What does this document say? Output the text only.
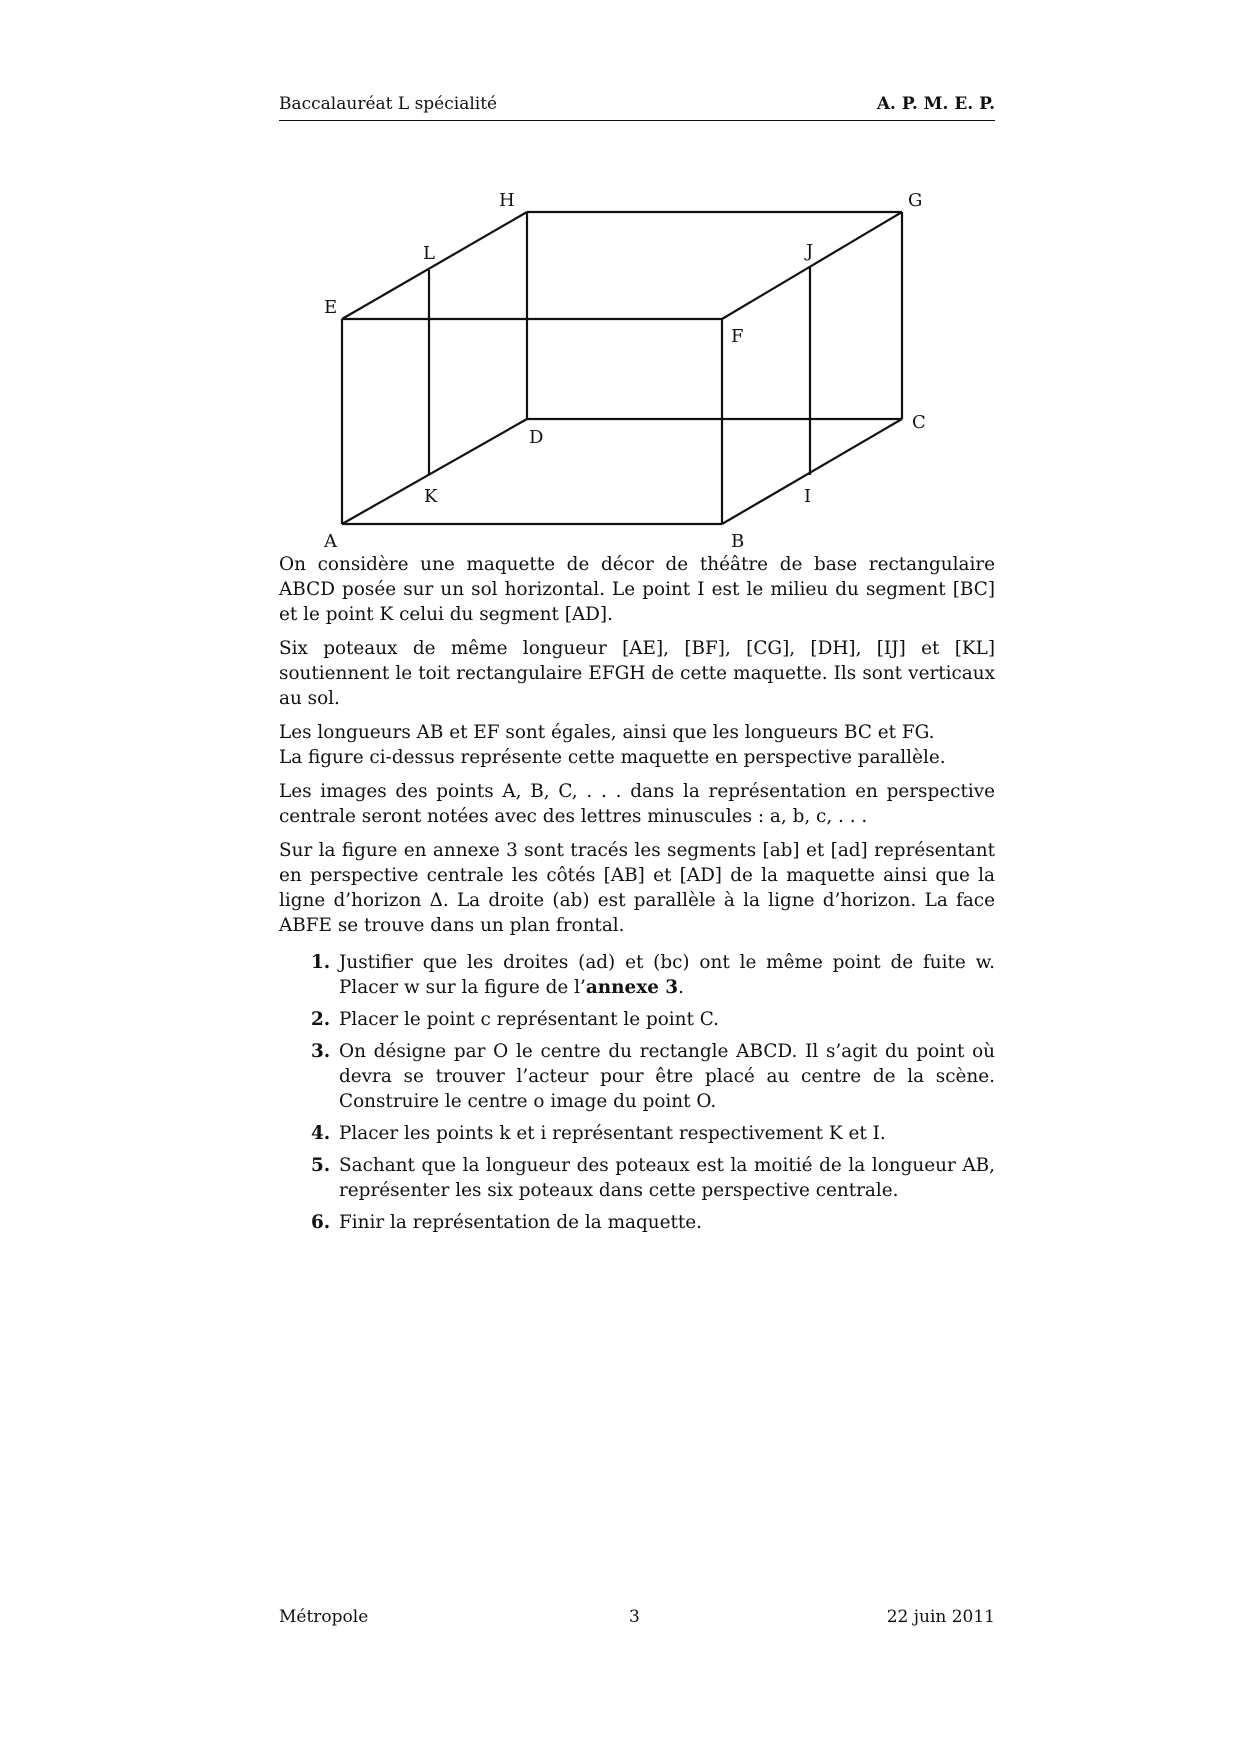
Baccalauréat L spécialité	A. P. M. E. P.
H	G
L	J
E
F
D
C
K	I
A	B

On considère une maquette de décor de théâtre de base rectangulaire ABCD posée sur un sol horizontal. Le point I est le milieu du segment [BC] et le point K celui du segment [AD].

Six poteaux de même longueur [AE], [BF], [CG], [DH], [IJ] et [KL] soutiennent le toit rectangulaire EFGH de cette maquette. Ils sont verticaux au sol.

Les longueurs AB et EF sont égales, ainsi que les longueurs BC et FG.

La figure ci-dessus représente cette maquette en perspective parallèle.

Les images des points A, B, C, . . . dans la représentation en perspective centrale seront notées avec des lettres minuscules : a, b, c, . . .

Sur la figure en annexe 3 sont tracés les segments [ab] et [ad] représentant en perspective centrale les côtés [AB] et [AD] de la maquette ainsi que la ligne d’horizon Δ. La droite (ab) est parallèle à la ligne d’horizon. La face ABFE se trouve dans un plan frontal.

1. Justifier que les droites (ad) et (bc) ont le même point de fuite w. Placer w sur la figure de l’annexe 3.
2. Placer le point c représentant le point C.
3. On désigne par O le centre du rectangle ABCD. Il s’agit du point où devra se trouver l’acteur pour être placé au centre de la scène. Construire le centre o image du point O.
4. Placer les points k et i représentant respectivement K et I.
5. Sachant que la longueur des poteaux est la moitié de la longueur AB, représenter les six poteaux dans cette perspective centrale.
6. Finir la représentation de la maquette.
Métropole	3	22 juin 2011
